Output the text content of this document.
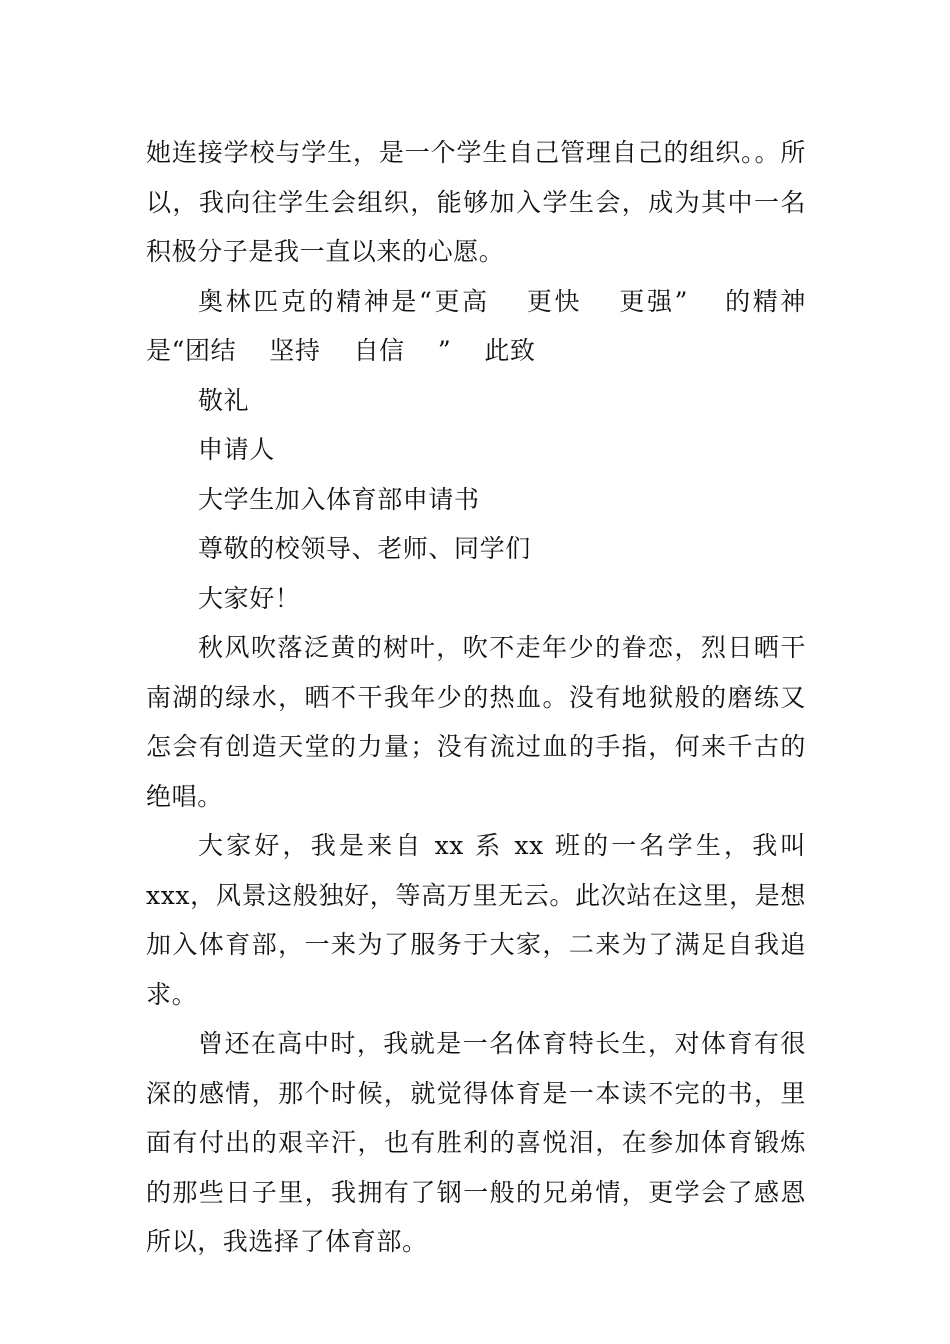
她连接学校与学生，是一个学生自己管理自己的组织。。所以，我向往学生会组织，能够加入学生会，成为其中一名积极分子是我一直以来的心愿。

奥林匹克的精神是“更高  更快  更强”  的精神是“团结  坚持  自信  ”  此致

敬礼

申请人

大学生加入体育部申请书

尊敬的校领导、老师、同学们

大家好！

秋风吹落泛黄的树叶，吹不走年少的眷恋，烈日晒干南湖的绿水，晒不干我年少的热血。没有地狱般的磨练又怎会有创造天堂的力量；没有流过血的手指，何来千古的绝唱。

大家好，我是来自 xx 系 xx 班的一名学生，我叫 xxx，风景这般独好，等高万里无云。此次站在这里，是想加入体育部，一来为了服务于大家，二来为了满足自我追求。

曾还在高中时，我就是一名体育特长生，对体育有很深的感情，那个时候，就觉得体育是一本读不完的书，里面有付出的艰辛汗，也有胜利的喜悦泪，在参加体育锻炼的那些日子里，我拥有了钢一般的兄弟情，更学会了感恩所以，我选择了体育部。
